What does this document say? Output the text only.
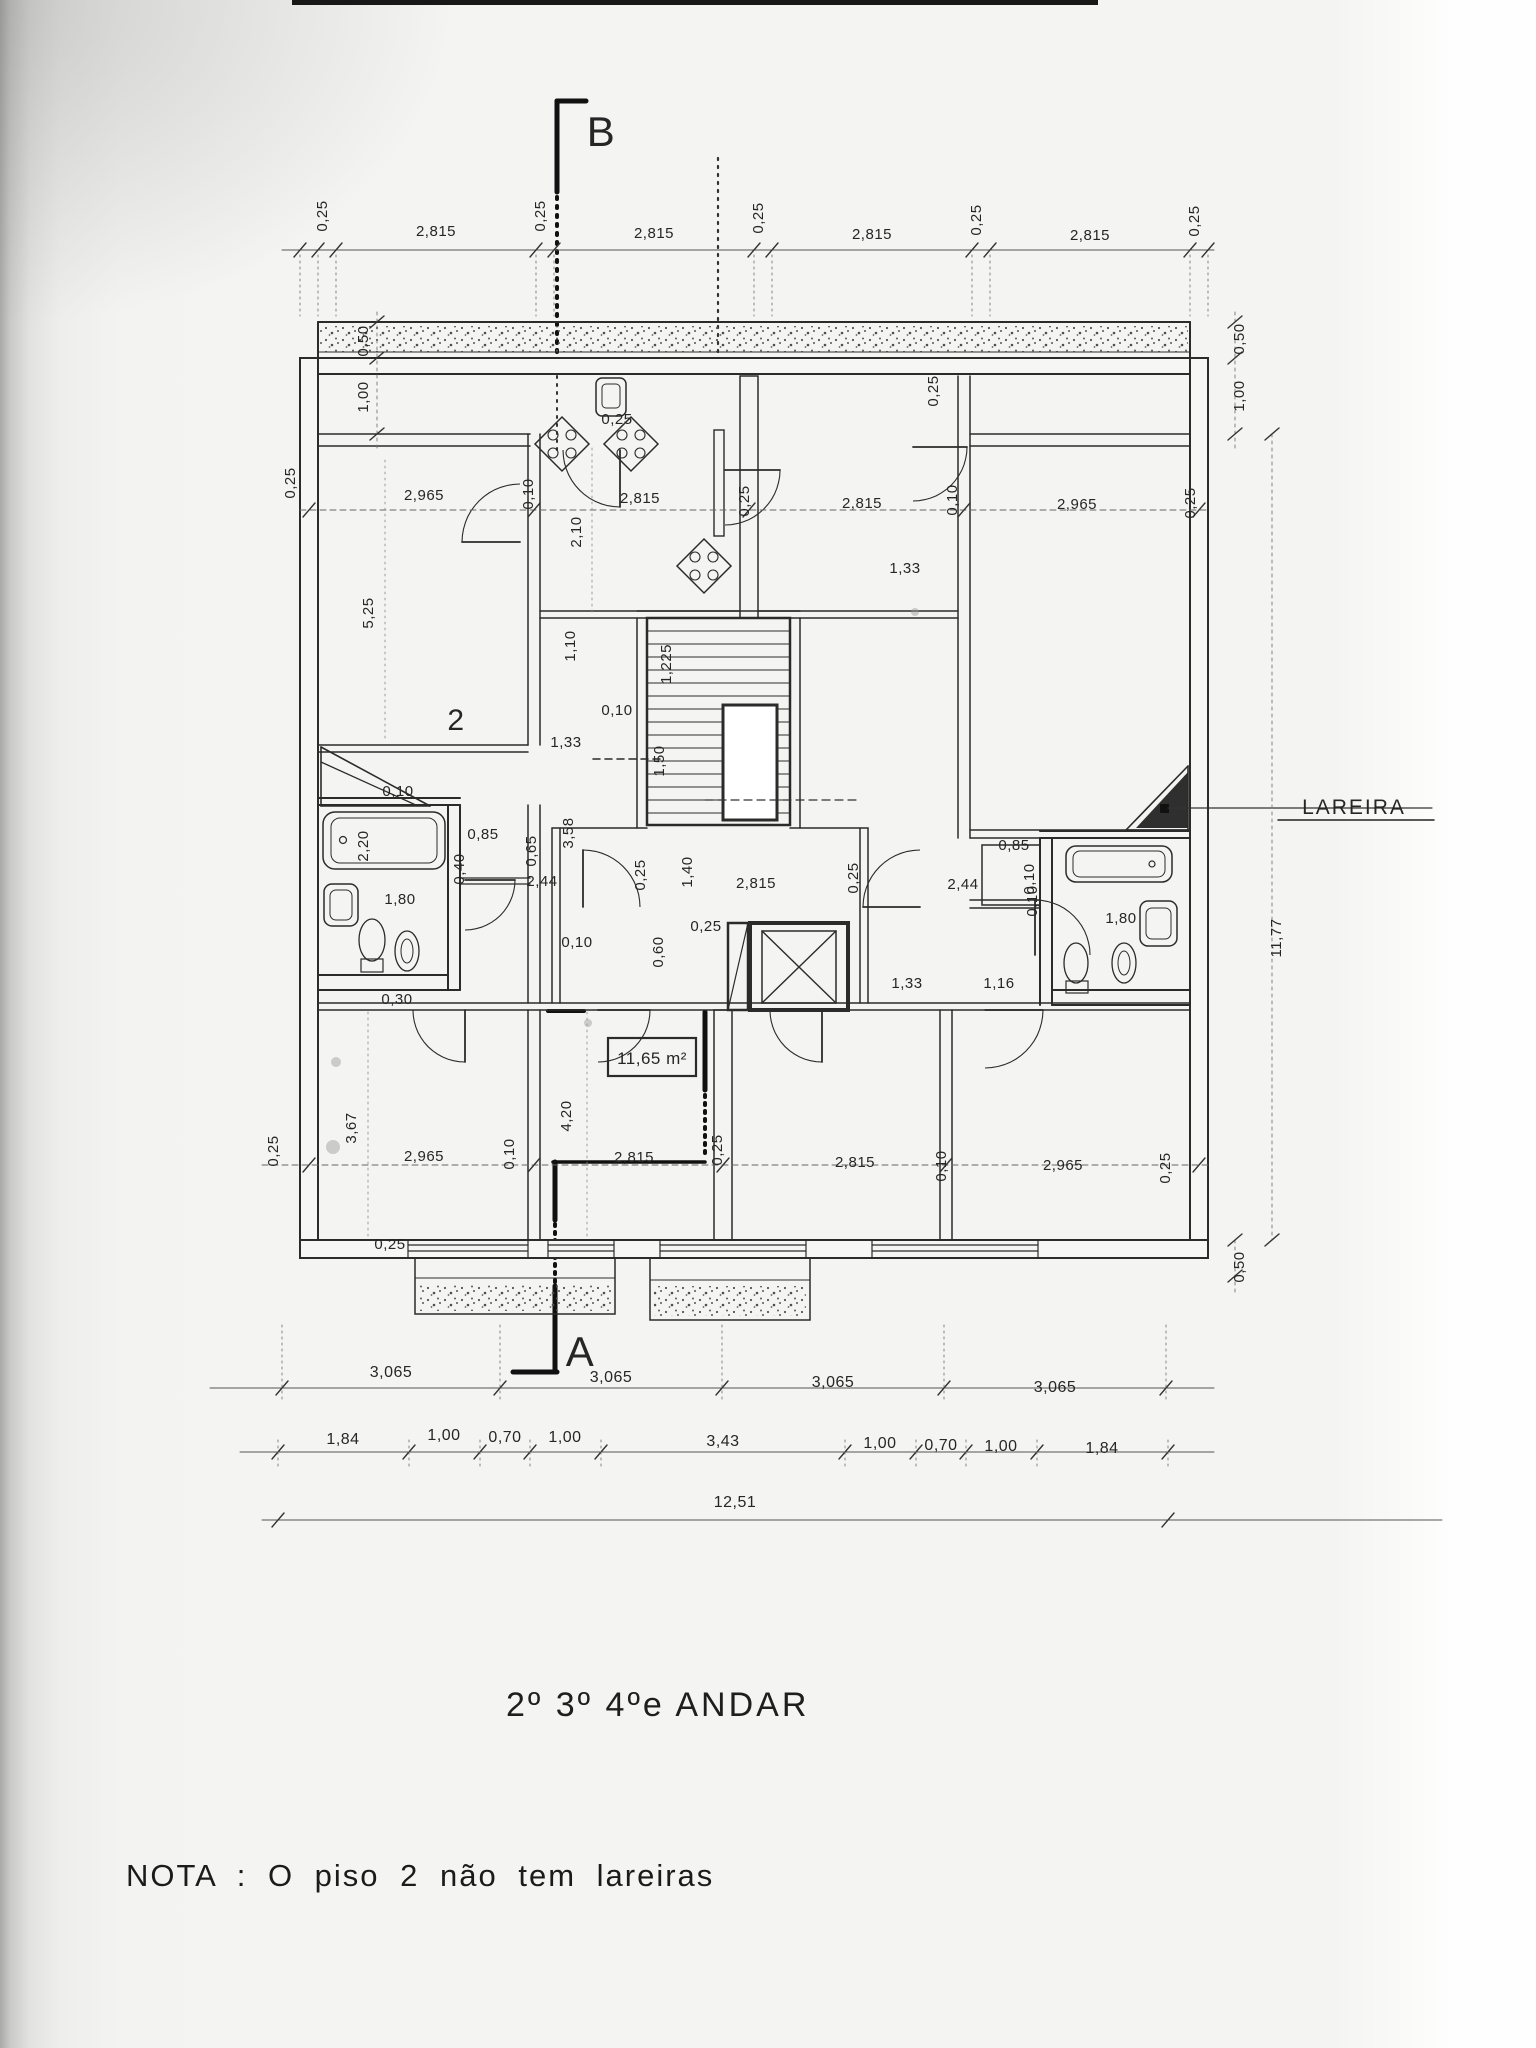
0,25	2,815	0,25
2,815	0,25
2,815	0,25	2,815	0,25
0,50
1,00
0,50
1,00
11,77
0,50
0,25
0,25	2,965	0,10	2,815	0,25	2,815	0,10	2,965	0,25
0,25
2,10
1,10	1,225
0,10
1,33
1,50
1,33
5,25
0,10
2,20	0,85
0,65
0,40	2,44
3,58
1,80
0,30
0,25 1,40	2,815	0,25	2,44
0,10	0,60
0,25
0,85
0,10
0,10
1,80
1,33	1,16
0,25	2,965	0,10	2,815	0,25	2,815	0,10	2,965	0,25
3,67	4,20
0,25
3,065	3,065	3,065	3,065
1,84	1,00 0,70 1,00	3,43	1,00 0,70 1,00	1,84
12,51
B
A
LAREIRA
11,65 m²
2
2º 3º 4ºe ANDAR
NOTA : O piso 2 não tem lareiras
